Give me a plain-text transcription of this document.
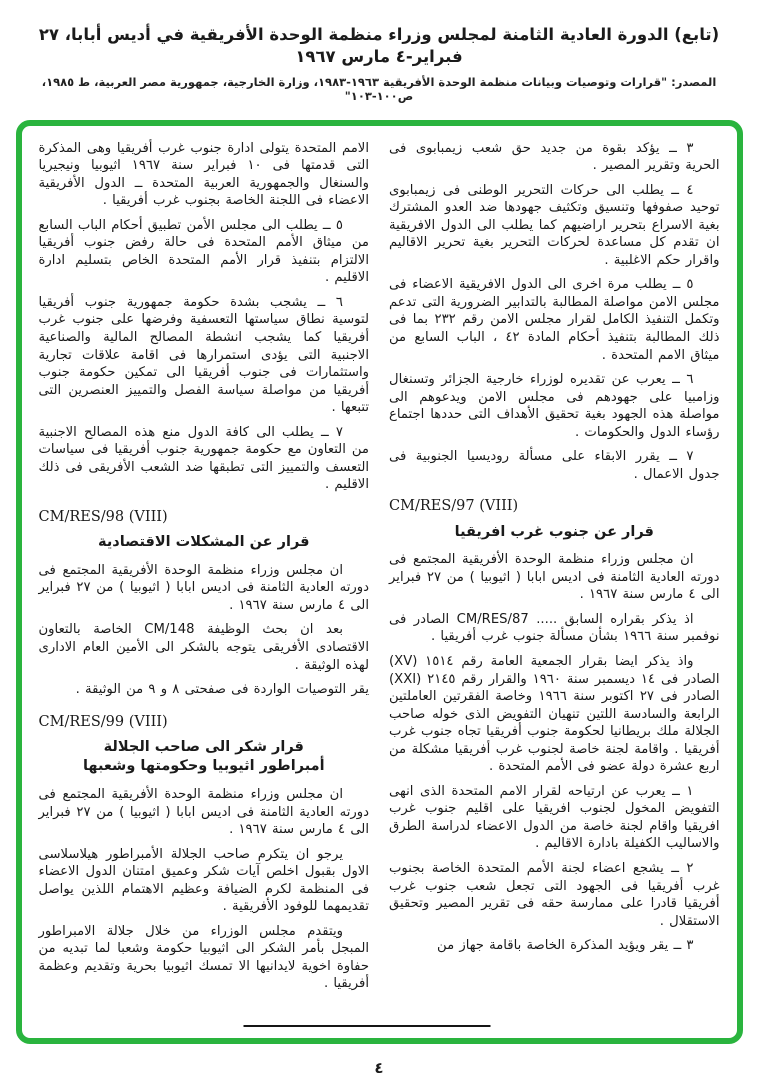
(تابع) الدورة العادية الثامنة لمجلس وزراء منظمة الوحدة الأفريقية في أديس أبابا، ٢٧ فبراير-٤ مارس ١٩٦٧
المصدر: "قرارات وتوصيات وبيانات منظمة الوحدة الأفريقية ١٩٦٣-١٩٨٣، وزارة الخارجية، جمهورية مصر العربية، ط ١٩٨٥، ص١٠٠-١٠٣"
٣ ــ يؤكد بقوة من جديد حق شعب زيمبابوى فى الحرية وتقرير المصير .
٤ ــ يطلب الى حركات التحرير الوطنى فى زيمبابوى توحيد صفوفها وتنسيق وتكثيف جهودها ضد العدو المشترك بغية الاسراع بتحرير اراضيهم كما يطلب الى الدول الافريقية ان تقدم كل مساعدة لحركات التحرير بغية تحرير الاقاليم واقرار حكم الاغلبية .
٥ ــ يطلب مرة اخرى الى الدول الافريقية الاعضاء فى مجلس الامن مواصلة المطالبة بالتدابير الضرورية التى تدعم وتكمل التنفيذ الكامل لقرار مجلس الامن رقم ٢٣٢ بما فى ذلك المطالبة بتنفيذ أحكام المادة ٤٢ ، الباب السابع من ميثاق الامم المتحدة .
٦ ــ يعرب عن تقديره لوزراء خارجية الجزائر وتسنغال وزامبيا على جهودهم فى مجلس الامن ويدعوهم الى مواصلة هذه الجهود بغية تحقيق الأهداف التى حددها اجتماع رؤساء الدول والحكومات .
٧ ــ يقرر الابقاء على مسألة روديسيا الجنوبية فى جدول الاعمال .
CM/RES/97 (VIII)
قرار عن جنوب غرب افريقيا
ان مجلس وزراء منظمة الوحدة الأفريقية المجتمع فى دورته العادية الثامنة فى اديس ابابا ( اثيوبيا ) من ٢٧ فبراير الى ٤ مارس سنة ١٩٦٧ .
اذ يذكر بقراره السابق ..... CM/RES/87 الصادر فى نوفمبر سنة ١٩٦٦ بشأن مسألة جنوب غرب أفريقيا .
واذ يذكر ايضا بقرار الجمعية العامة رقم ١٥١٤ (XV) الصادر فى ١٤ ديسمبر سنة ١٩٦٠ والقرار رقم ٢١٤٥ (XXI) الصادر فى ٢٧ اكتوبر سنة ١٩٦٦ وخاصة الفقرتين العاملتين الرابعة والسادسة اللتين تنهيان التفويض الذى خوله صاحب الجلالة ملك بريطانيا لحكومة جنوب أفريقيا تجاه جنوب غرب أفريقيا . واقامة لجنة خاصة لجنوب غرب أفريقيا مشكلة من اربع عشرة دولة عضو فى الأمم المتحدة .
١ ــ يعرب عن ارتياحه لقرار الامم المتحدة الذى انهى التفويض المخول لجنوب افريقيا على اقليم جنوب غرب افريقيا واقام لجنة خاصة من الدول الاعضاء لدراسة الطرق والاساليب الكفيلة بادارة الاقاليم .
٢ ــ يشجع اعضاء لجنة الأمم المتحدة الخاصة بجنوب غرب أفريقيا فى الجهود التى تجعل شعب جنوب غرب أفريقيا قادرا على ممارسة حقه فى تقرير المصير وتحقيق الاستقلال .
٣ ــ يقر ويؤيد المذكرة الخاصة باقامة جهاز من
الامم المتحدة يتولى ادارة جنوب غرب أفريقيا وهى المذكرة التى قدمتها فى ١٠ فبراير سنة ١٩٦٧ اثيوبيا ونيجيريا والسنغال والجمهورية العربية المتحدة ــ الدول الأفريقية الاعضاء فى اللجنة الخاصة بجنوب غرب أفريقيا .
٥ ــ يطلب الى مجلس الأمن تطبيق أحكام الباب السابع من ميثاق الأمم المتحدة فى حالة رفض جنوب أفريقيا الالتزام بتنفيذ قرار الأمم المتحدة الخاص بتسليم ادارة الاقليم .
٦ ــ يشجب بشدة حكومة جمهورية جنوب أفريقيا لتوسية نطاق سياستها التعسفية وفرضها على جنوب غرب أفريقيا كما يشجب انشطة المصالح المالية والصناعية الاجنبية التى يؤدى استمرارها فى اقامة علاقات تجارية واستثمارات فى جنوب أفريقيا الى تمكين حكومة جنوب أفريقيا من مواصلة سياسة الفصل والتمييز العنصرين التى تتبعها .
٧ ــ يطلب الى كافة الدول منع هذه المصالح الاجنبية من التعاون مع حكومة جمهورية جنوب أفريقيا فى سياسات التعسف والتمييز التى تطبقها ضد الشعب الأفريقى فى ذلك الاقليم .
CM/RES/98 (VIII)
قرار عن المشكلات الاقتصادية
ان مجلس وزراء منظمة الوحدة الأفريقية المجتمع فى دورته العادية الثامنة فى اديس ابابا ( اثيوبيا ) من ٢٧ فبراير الى ٤ مارس سنة ١٩٦٧ .
بعد ان بحث الوظيفة CM/148 الخاصة بالتعاون الاقتصادى الأفريقى يتوجه بالشكر الى الأمين العام الادارى لهذه الوثيقة .
يقر التوصيات الواردة فى صفحتى ٨ و ٩ من الوثيقة .
CM/RES/99 (VIII)
قرار شكر الى صاحب الجلالة
أمبراطور اثيوبيا وحكومتها وشعبها
ان مجلس وزراء منظمة الوحدة الأفريقية المجتمع فى دورته العادية الثامنة فى اديس ابابا ( اثيوبيا ) من ٢٧ فبراير الى ٤ مارس سنة ١٩٦٧ .
يرجو ان يتكرم صاحب الجلالة الأمبراطور هيلاسلاسى الاول بقبول اخلص آيات شكر وعميق امتنان الدول الاعضاء فى المنظمة لكرم الضيافة وعظيم الاهتمام اللذين يواصل تقديمهما للوفود الأفريقية .
ويتقدم مجلس الوزراء من خلال جلالة الامبراطور المبجل بأمر الشكر الى اثيوبيا حكومة وشعبا لما تبديه من حفاوة اخوية لايدانيها الا تمسك اثيوبيا بحرية وتقديم وعظمة أفريقيا .
٤
